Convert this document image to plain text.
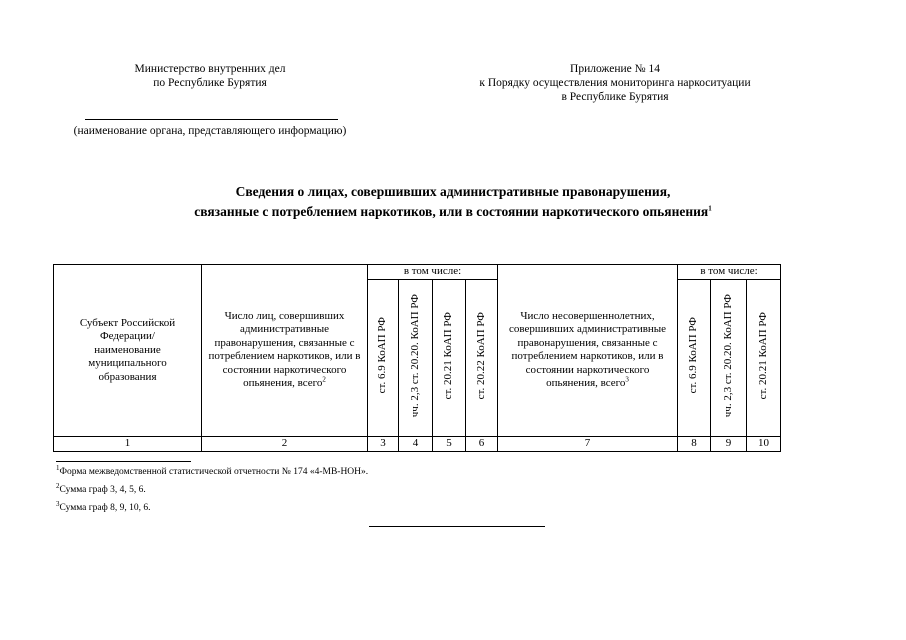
Министерство внутренних дел
по Республике Бурятия
(наименование органа, представляющего информацию)
Приложение № 14
к Порядку осуществления мониторинга наркоситуации
в Республике Бурятия
Сведения о лицах, совершивших административные правонарушения,
связанные с потреблением наркотиков, или в состоянии наркотического опьянения$^1$
Субъект Российской Федерации/ наименование муниципального образования	Число лиц, совершивших административные правонарушения, связанные с потреблением наркотиков, или в состоянии наркотического опьянения, всего$^2$	в том числе:				Число несовершеннолетних, совершивших административные правонарушения, связанные с потреблением наркотиков, или в состоянии наркотического опьянения, всего$^3$	в том числе:		
		ст. 6.9 КоАП РФ	чч. 2,3 ст. 20.20. КоАП РФ	ст. 20.21 КоАП РФ	ст. 20.22 КоАП РФ		ст. 6.9 КоАП РФ	чч. 2,3 ст. 20.20. КоАП РФ	ст. 20.21 КоАП РФ
1	2	3	4	5	6	7	8	9	10
$^1$Форма межведомственной статистической отчетности № 174 «4-МВ-НОН».
$^2$Сумма граф 3, 4, 5, 6.
$^3$Сумма граф 8, 9, 10, 6.
